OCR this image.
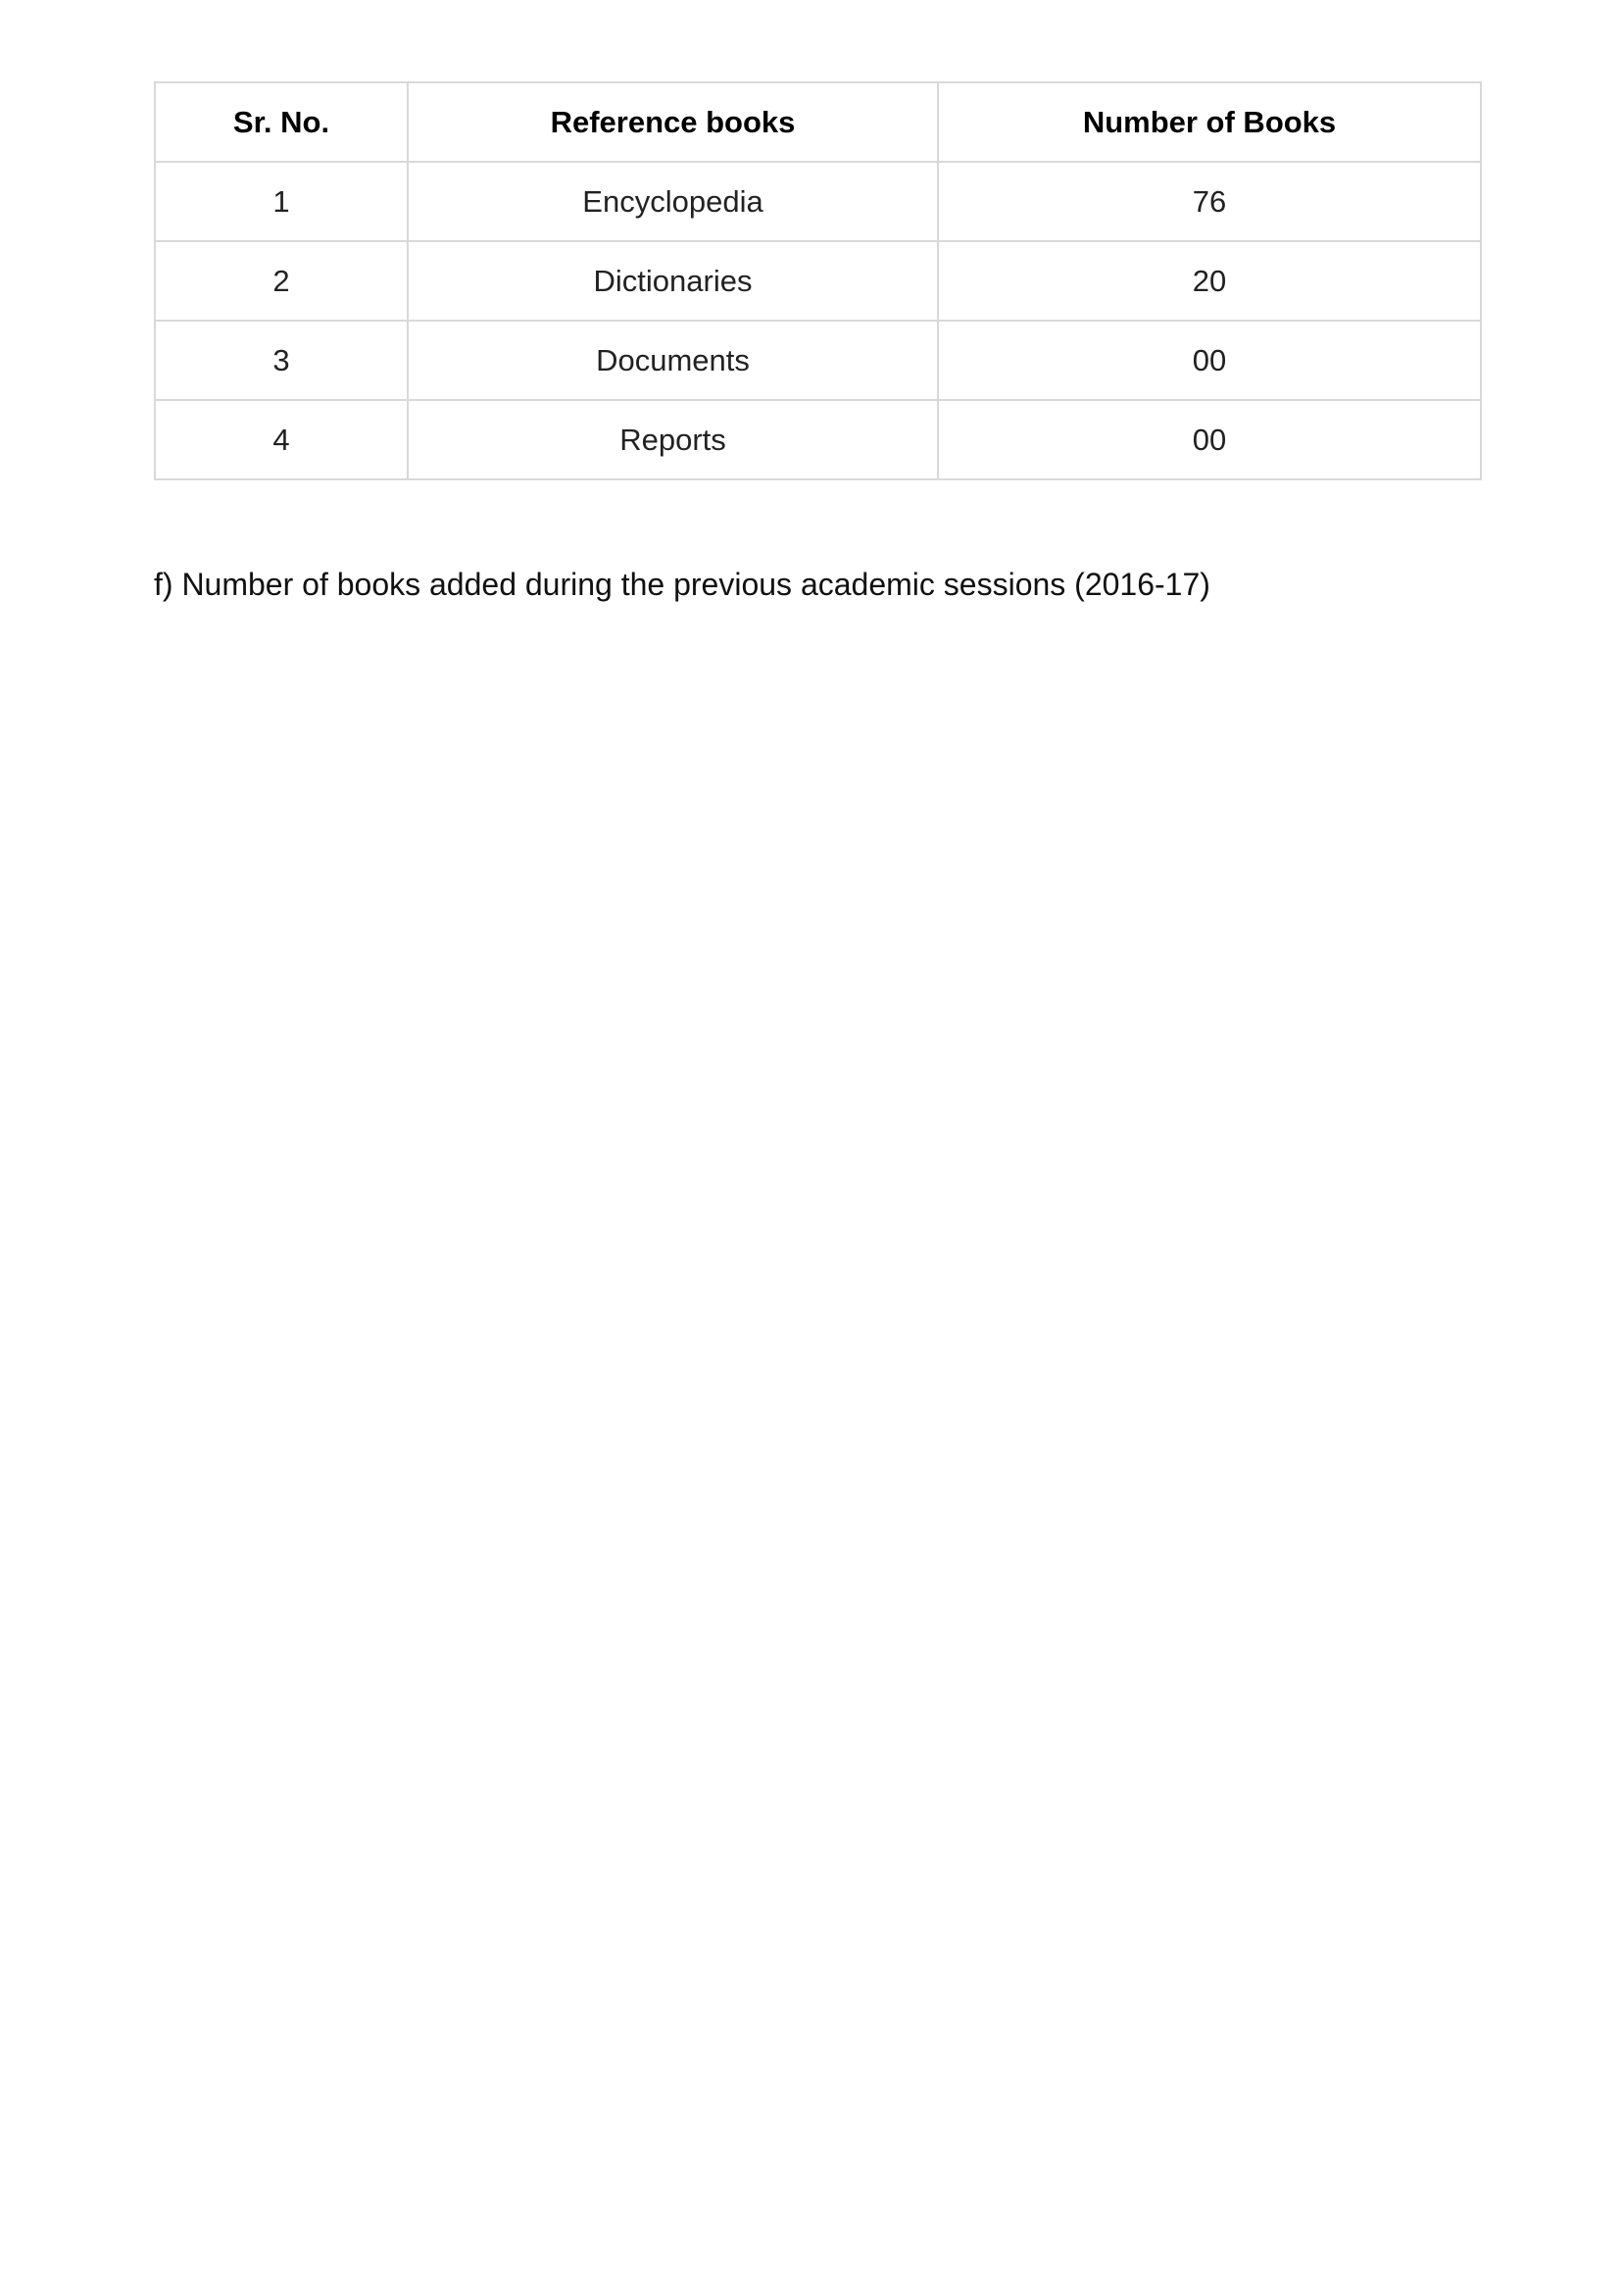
Sr. No.	Reference books	Number of Books
1	Encyclopedia	76
2	Dictionaries	20
3	Documents	00
4	Reports	00
f) Number of books added during the previous academic sessions (2016-17)
